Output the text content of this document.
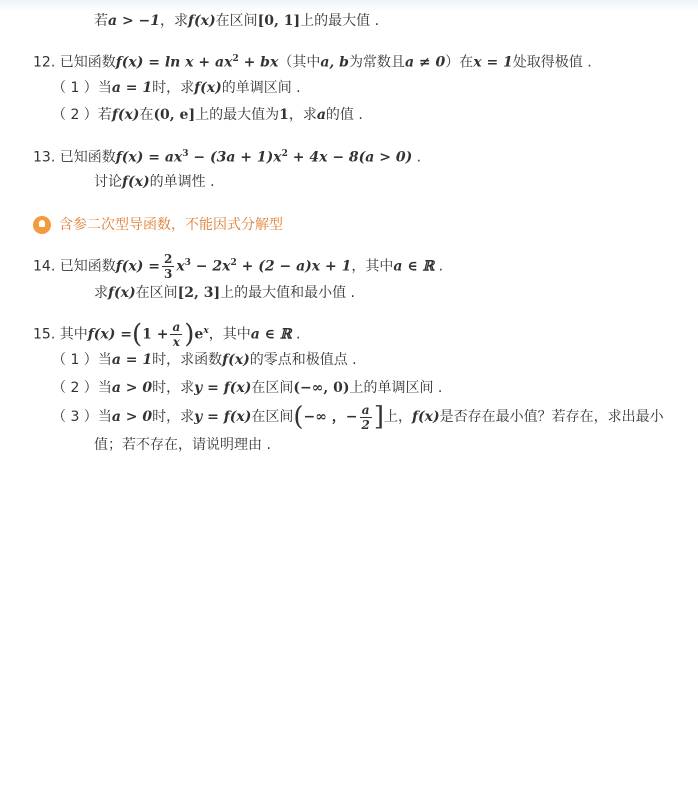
若a > −1，求f(x)在区间[0, 1]上的最大值 .
12. 已知函数$f(x) = \ln x + ax^2 + bx$（其中a, b为常数且a ≠ 0）在x = 1处取得极值 .
（ 1 ）当a = 1时，求f(x)的单调区间 .
（ 2 ）若f(x)在(0, e]上的最大值为1，求a的值 .
13. 已知函数$f(x) = ax^3 - (3a + 1)x^2 + 4x - 8(a > 0)$ .
讨论f(x)的单调性 .
含参二次型导函数，不能因式分解型
14. 已知函数$f(x) = \frac{2}{3} x^3 - 2x^2 + (2 - a)x + 1$，其中a ∈ ℝ .
求f(x)在区间[2, 3]上的最大值和最小值 .
15. 其中$f(x) =(1 + \frac{a}{x} )e^x$，其中a ∈ ℝ .
（ 1 ）当a = 1时，求函数f(x)的零点和极值点 .
（ 2 ）当a > 0时，求y = f(x)在区间(−∞, 0)上的单调区间 .
（ 3 ）当a > 0时，求y = f(x)在区间(−∞ ，− $\frac{a}{2}$ ]上，f(x)是否存在最小值？若存在，求出最小
值；若不存在，请说明理由 .
